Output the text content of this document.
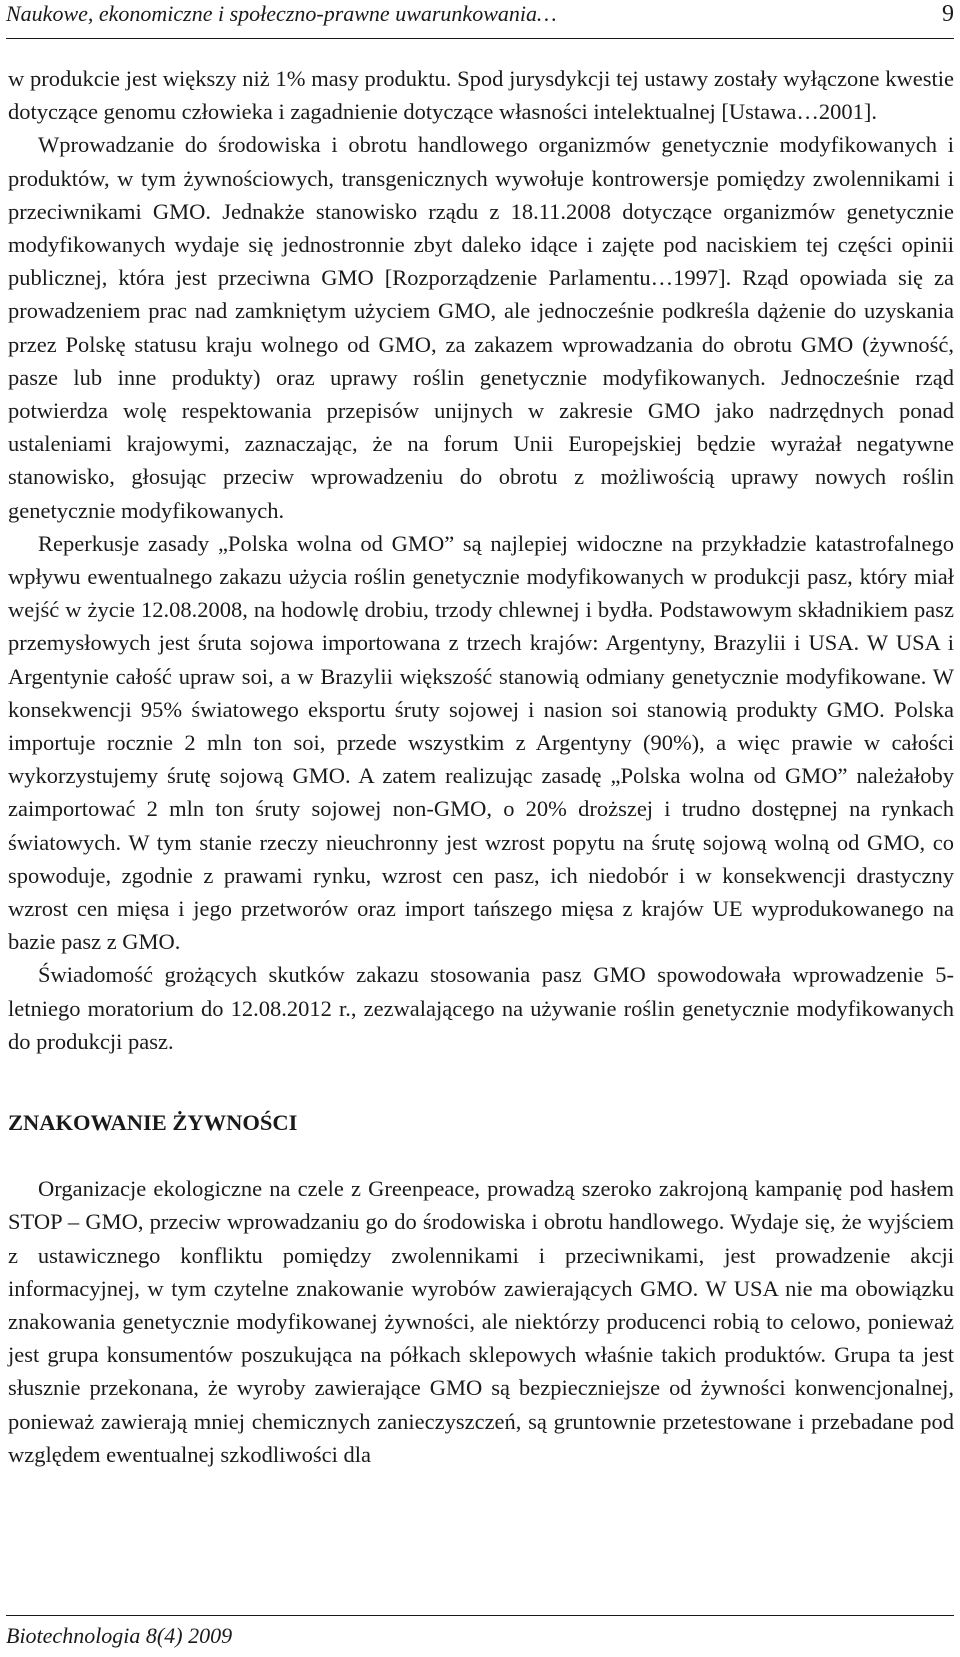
Naukowe, ekonomiczne i społeczno-prawne uwarunkowania…	9

w produkcie jest większy niż 1% masy produktu. Spod jurysdykcji tej ustawy zostały wyłączone kwestie dotyczące genomu człowieka i zagadnienie dotyczące własności intelektualnej [Ustawa…2001].

Wprowadzanie do środowiska i obrotu handlowego organizmów genetycznie modyfikowanych i produktów, w tym żywnościowych, transgenicznych wywołuje kontrowersje pomiędzy zwolennikami i przeciwnikami GMO. Jednakże stanowisko rządu z 18.11.2008 dotyczące organizmów genetycznie modyfikowanych wydaje się jednostronnie zbyt daleko idące i zajęte pod naciskiem tej części opinii publicznej, która jest przeciwna GMO [Rozporządzenie Parlamentu…1997]. Rząd opowiada się za prowadzeniem prac nad zamkniętym użyciem GMO, ale jednocześnie podkreśla dążenie do uzyskania przez Polskę statusu kraju wolnego od GMO, za zakazem wprowadzania do obrotu GMO (żywność, pasze lub inne produkty) oraz uprawy roślin genetycznie modyfikowanych. Jednocześnie rząd potwierdza wolę respektowania przepisów unijnych w zakresie GMO jako nadrzędnych ponad ustaleniami krajowymi, zaznaczając, że na forum Unii Europejskiej będzie wyrażał negatywne stanowisko, głosując przeciw wprowadzeniu do obrotu z możliwością uprawy nowych roślin genetycznie modyfikowanych.

Reperkusje zasady „Polska wolna od GMO” są najlepiej widoczne na przykładzie katastrofalnego wpływu ewentualnego zakazu użycia roślin genetycznie modyfikowanych w produkcji pasz, który miał wejść w życie 12.08.2008, na hodowlę drobiu, trzody chlewnej i bydła. Podstawowym składnikiem pasz przemysłowych jest śruta sojowa importowana z trzech krajów: Argentyny, Brazylii i USA. W USA i Argentynie całość upraw soi, a w Brazylii większość stanowią odmiany genetycznie modyfikowane. W konsekwencji 95% światowego eksportu śruty sojowej i nasion soi stanowią produkty GMO. Polska importuje rocznie 2 mln ton soi, przede wszystkim z Argentyny (90%), a więc prawie w całości wykorzystujemy śrutę sojową GMO. A zatem realizując zasadę „Polska wolna od GMO” należałoby zaimportować 2 mln ton śruty sojowej non-GMO, o 20% droższej i trudno dostępnej na rynkach światowych. W tym stanie rzeczy nieuchronny jest wzrost popytu na śrutę sojową wolną od GMO, co spowoduje, zgodnie z prawami rynku, wzrost cen pasz, ich niedobór i w konsekwencji drastyczny wzrost cen mięsa i jego przetworów oraz import tańszego mięsa z krajów UE wyprodukowanego na bazie pasz z GMO.

Świadomość grożących skutków zakazu stosowania pasz GMO spowodowała wprowadzenie 5-letniego moratorium do 12.08.2012 r., zezwalającego na używanie roślin genetycznie modyfikowanych do produkcji pasz.

ZNAKOWANIE ŻYWNOŚCI

Organizacje ekologiczne na czele z Greenpeace, prowadzą szeroko zakrojoną kampanię pod hasłem STOP – GMO, przeciw wprowadzaniu go do środowiska i obrotu handlowego. Wydaje się, że wyjściem z ustawicznego konfliktu pomiędzy zwolennikami i przeciwnikami, jest prowadzenie akcji informacyjnej, w tym czytelne znakowanie wyrobów zawierających GMO. W USA nie ma obowiązku znakowania genetycznie modyfikowanej żywności, ale niektórzy producenci robią to celowo, ponieważ jest grupa konsumentów poszukująca na półkach sklepowych właśnie takich produktów. Grupa ta jest słusznie przekonana, że wyroby zawierające GMO są bezpieczniejsze od żywności konwencjonalnej, ponieważ zawierają mniej chemicznych zanieczyszczeń, są gruntownie przetestowane i przebadane pod względem ewentualnej szkodliwości dla

Biotechnologia 8(4) 2009
